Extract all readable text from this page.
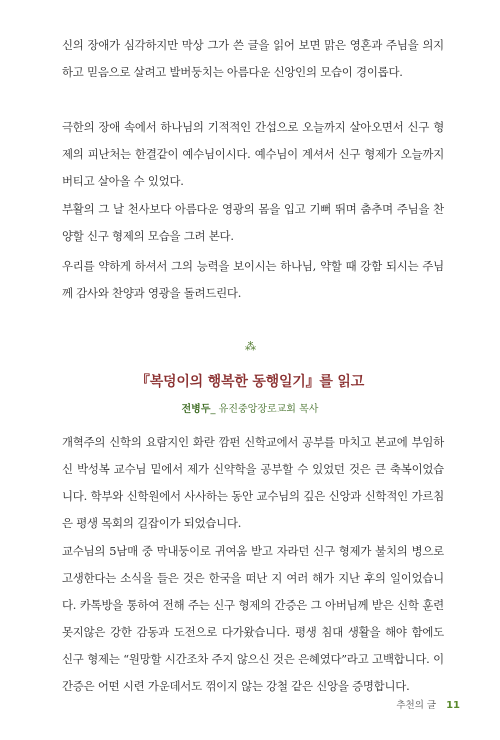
신의 장애가 심각하지만 막상 그가 쓴 글을 읽어 보면 맑은 영혼과 주님을 의지하고 믿음으로 살려고 발버둥치는 아름다운 신앙인의 모습이 경이롭다.

극한의 장애 속에서 하나님의 기적적인 간섭으로 오늘까지 살아오면서 신구 형제의 피난처는 한결같이 예수님이시다. 예수님이 계셔서 신구 형제가 오늘까지 버티고 살아올 수 있었다.

부활의 그 날 천사보다 아름다운 영광의 몸을 입고 기뻐 뛰며 춤추며 주님을 찬양할 신구 형제의 모습을 그려 본다.

우리를 약하게 하셔서 그의 능력을 보이시는 하나님, 약할 때 강함 되시는 주님께 감사와 찬양과 영광을 돌려드린다.

⁂
『복덩이의 행복한 동행일기』를 읽고
전병두_ 유진중앙장로교회 목사

개혁주의 신학의 요람지인 화란 깜펀 신학교에서 공부를 마치고 본교에 부임하신 박성복 교수님 밑에서 제가 신약학을 공부할 수 있었던 것은 큰 축복이었습니다. 학부와 신학원에서 사사하는 동안 교수님의 깊은 신앙과 신학적인 가르침은 평생 목회의 길잡이가 되었습니다.

교수님의 5남매 중 막내둥이로 귀여움 받고 자라던 신구 형제가 불치의 병으로 고생한다는 소식을 들은 것은 한국을 떠난 지 여러 해가 지난 후의 일이었습니다. 카톡방을 통하여 전해 주는 신구 형제의 간증은 그 아버님께 받은 신학 훈련 못지않은 강한 감동과 도전으로 다가왔습니다. 평생 침대 생활을 해야 함에도 신구 형제는 “원망할 시간조차 주지 않으신 것은 은혜였다”라고 고백합니다. 이 간증은 어떤 시련 가운데서도 꺾이지 않는 강철 같은 신앙을 증명합니다.

추천의 글 11
